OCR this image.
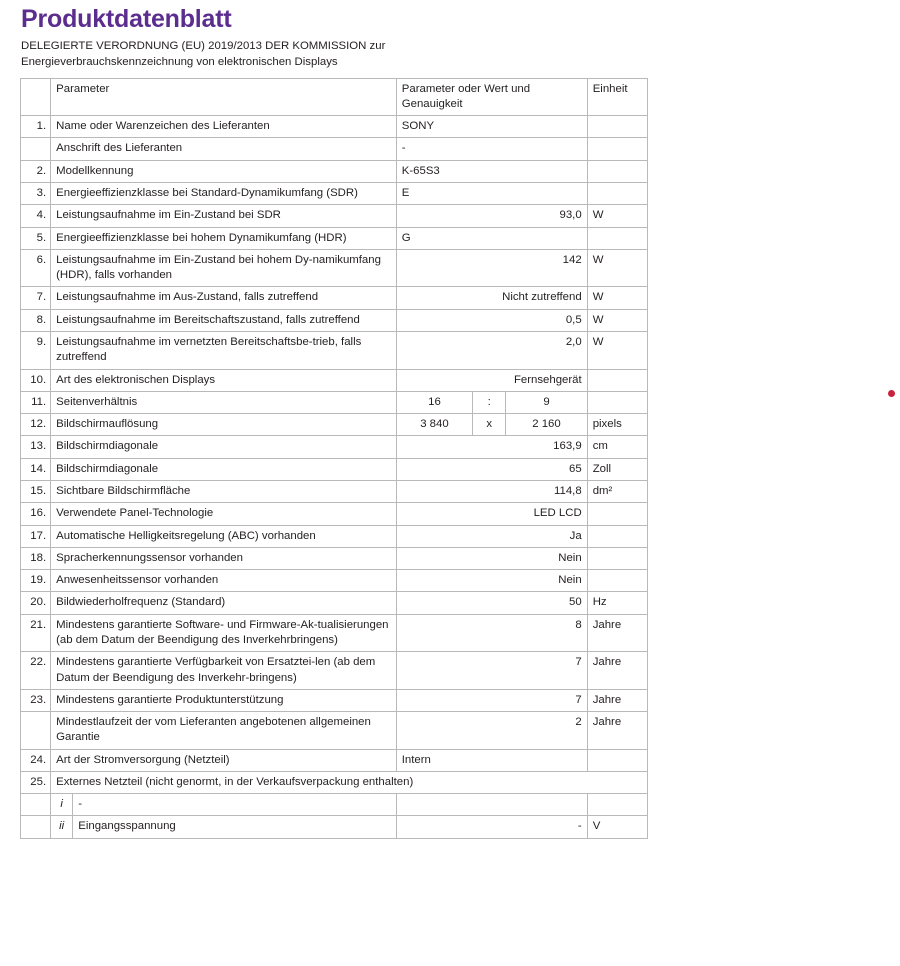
Produktdatenblatt
DELEGIERTE VERORDNUNG (EU) 2019/2013 DER KOMMISSION zur
Energieverbrauchskennzeichnung von elektronischen Displays
	Parameter		Parameter oder Wert und Genauigkeit			Einheit
1.	Name oder Warenzeichen des Lieferanten		SONY			
	Anschrift des Lieferanten		-			
2.	Modellkennung		K-65S3			
3.	Energieeffizienzklasse bei Standard-Dynamikumfang (SDR)		E			
4.	Leistungsaufnahme im Ein-Zustand bei SDR		93,0			W
5.	Energieeffizienzklasse bei hohem Dynamikumfang (HDR)		G			
6.	Leistungsaufnahme im Ein-Zustand bei hohem Dy-namikumfang (HDR), falls vorhanden		142			W
7.	Leistungsaufnahme im Aus-Zustand, falls zutreffend		Nicht zutreffend			W
8.	Leistungsaufnahme im Bereitschaftszustand, falls zutreffend		0,5			W
9.	Leistungsaufnahme im vernetzten Bereitschaftsbe-trieb, falls zutreffend		2,0			W
10.	Art des elektronischen Displays		Fernsehgerät			
11.	Seitenverhältnis		16	:	9	
12.	Bildschirmauflösung		3 840	x	2 160	pixels
13.	Bildschirmdiagonale		163,9			cm
14.	Bildschirmdiagonale		65			Zoll
15.	Sichtbare Bildschirmfläche		114,8			dm²
16.	Verwendete Panel-Technologie		LED LCD			
17.	Automatische Helligkeitsregelung (ABC) vorhanden		Ja			
18.	Spracherkennungssensor vorhanden		Nein			
19.	Anwesenheitssensor vorhanden		Nein			
20.	Bildwiederholfrequenz (Standard)		50			Hz
21.	Mindestens garantierte Software- und Firmware-Ak-tualisierungen (ab dem Datum der Beendigung des Inverkehrbringens)		8			Jahre
22.	Mindestens garantierte Verfügbarkeit von Ersatztei-len (ab dem Datum der Beendigung des Inverkehr-bringens)		7			Jahre
23.	Mindestens garantierte Produktunterstützung		7			Jahre
	Mindestlaufzeit der vom Lieferanten angebotenen allgemeinen Garantie		2			Jahre
24.	Art der Stromversorgung (Netzteil)		Intern			
25.	Externes Netzteil (nicht genormt, in der Verkaufsverpackung enthalten)					
	i	-				
	ii	Eingangsspannung	-			V
